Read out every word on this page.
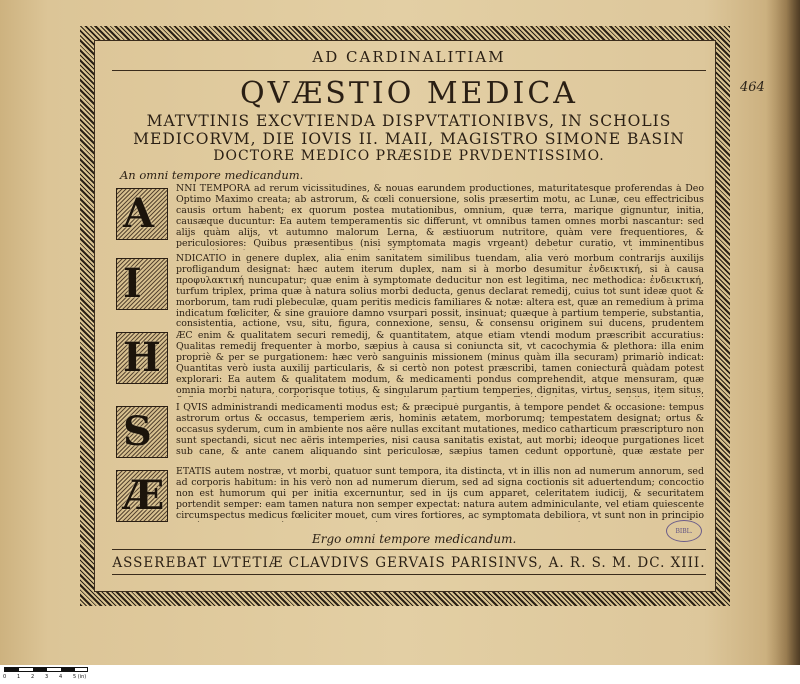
AD CARDINALITIAM
QVÆSTIO MEDICA
MATVTINIS EXCVTIENDA DISPVTATIONIBVS, IN SCHOLIS
MEDICORVM, DIE IOVIS II. MAII, MAGISTRO SIMONE BASIN
DOCTORE MEDICO PRÆSIDE PRVDENTISSIMO.
An omni tempore medicandum.
A

NNI TEMPORA ad rerum vicissitudines, & nouas earundem productiones, maturitatesque proferendas à Deo Optimo Maximo creata; ab astrorum, & cœli conuersione, solis præsertim motu, ac Lunæ, ceu effectricibus causis ortum habent; ex quorum postea mutationibus, omnium, quæ terra, marique gignuntur, initia, causæque ducuntur: Ea autem temperamentis sic differunt, vt omnibus tamen omnes morbi nascantur: sed alijs quàm alijs, vt autumno malorum Lerna, & æstiuorum nutritore, quàm vere frequentiores, & periculosiores: Quibus præsentibus (nisi symptomata magis vrgeant) debetur curatio, vt imminentibus

I

NDICATIO in genere duplex, alia enim sanitatem similibus tuendam, alia verò morbum contrarijs auxilijs profligandum designat: hæc autem iterum duplex, nam si à morbo desumitur ἐνδεικτική, si à causa προφυλακτική nuncupatur; quæ enim à symptomate deducitur non est legitima, nec methodica: ἐνδεικτική, turfum triplex, prima quæ à natura solius morbi deducta, genus declarat remedij, cuius tot sunt ideæ quot & morborum, tam rudi plebeculæ, quam peritis medicis familiares & notæ: altera est, quæ an remedium à prima indicatum fœliciter, & sine grauiore damno vsurpari possit, insinuat; quæque à partium temperie, substantia, consistentia, actione, vsu, situ, figura, connexione, sensu, & consensu originem sui ducens, prudentem

H ÆC enim & qualitatem securi remedij, & quantitatem, atque etiam vtendi modum præscribit accuratius: Qualitas remedij frequenter à morbo, sæpius à causa si coniuncta sit, vt cacochymia & plethora: illa enim propriè & per se purgationem: hæc verò sanguinis missionem (minus quàm illa securam) primariò indicat: Quantitas verò iusta auxilij particularis, & si certò non potest præscribi, tamen coniecturâ quàdam potest explorari: Ea autem & qualitatem modum, & medicamenti pondus comprehendit, atque mensuram, quæ omnia morbi natura, corporisque totius, & singularum partium temperies, dignitas, virtus, sensus, item situs,

S

I QVIS administrandi medicamenti modus est; & præcipuè purgantis, à tempore pendet & occasione: tempus astrorum ortus & occasus, temperiem æris, hominis ætatem, morborumq; tempestatem designat; ortus & occasus syderum, cum in ambiente nos aëre nullas excitant mutationes, medico catharticum præscripturo non sunt spectandi, sicut nec aëris intemperies, nisi causa sanitatis existat, aut morbi; ideoque purgationes licet sub cane, & ante canem aliquando sint periculosæ, sæpius tamen cedunt opportunè, quæ æstate per

Æ

ETATIS autem nostræ, vt morbi, quatuor sunt tempora, ita distincta, vt in illis non ad numerum annorum, sed ad corporis habitum: in his verò non ad numerum dierum, sed ad signa coctionis sit aduertendum; concoctio non est humorum qui per initia excernuntur, sed in ijs cum apparet, celeritatem iudicij, & securitatem portendit semper: eam tamen natura non semper expectat: natura autem adminiculante, vel etiam quiescente circumspectus medicus fœliciter mouet, cum vires fortiores, ac symptomata debiliora, vt sunt non in principio

Ergo omni tempore medicandum.
ASSEREBAT LVTETIÆ CLAVDIVS GERVAIS PARISINVS, A. R. S. M. DC. XIII.
464
BIBL.
0 1 2 3 4 5 (in)
